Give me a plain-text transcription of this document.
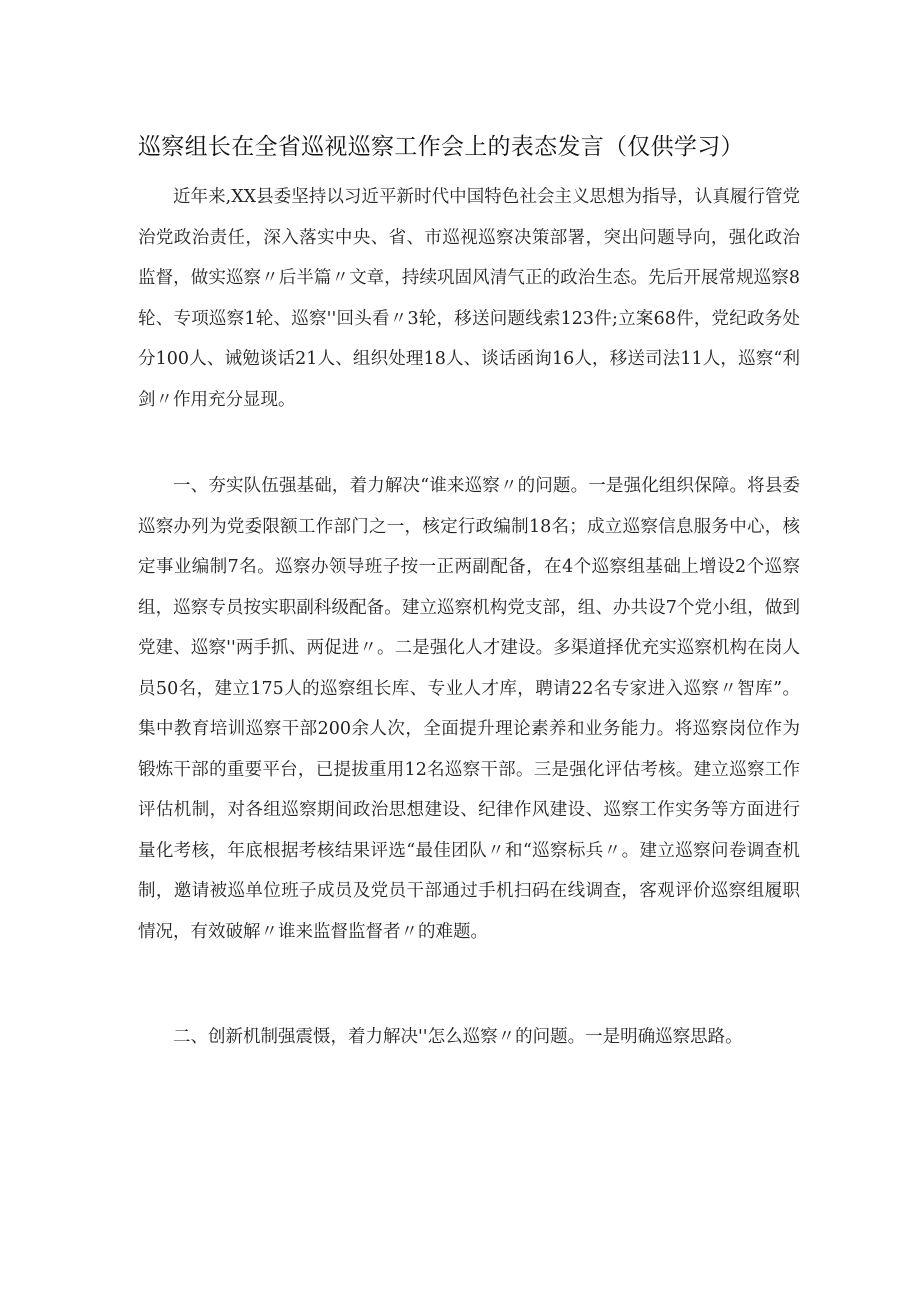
巡察组长在全省巡视巡察工作会上的表态发言（仅供学习）

近年来,XX县委坚持以习近平新时代中国特色社会主义思想为指导，认真履行管党治党政治责任，深入落实中央、省、市巡视巡察决策部署，突出问题导向，强化政治监督，做实巡察〃后半篇〃文章，持续巩固风清气正的政治生态。先后开展常规巡察8轮、专项巡察1轮、巡察''回头看〃3轮，移送问题线索123件;立案68件，党纪政务处分100人、诫勉谈话21人、组织处理18人、谈话函询16人，移送司法11人，巡察“利剑〃作用充分显现。

一、夯实队伍强基础，着力解决“谁来巡察〃的问题。一是强化组织保障。将县委巡察办列为党委限额工作部门之一，核定行政编制18名；成立巡察信息服务中心，核定事业编制7名。巡察办领导班子按一正两副配备，在4个巡察组基础上增设2个巡察组，巡察专员按实职副科级配备。建立巡察机构党支部，组、办共设7个党小组，做到党建、巡察''两手抓、两促进〃。二是强化人才建设。多渠道择优充实巡察机构在岗人员50名，建立175人的巡察组长库、专业人才库，聘请22名专家进入巡察〃智库”。集中教育培训巡察干部200余人次，全面提升理论素养和业务能力。将巡察岗位作为锻炼干部的重要平台，已提拔重用12名巡察干部。三是强化评估考核。建立巡察工作评估机制，对各组巡察期间政治思想建设、纪律作风建设、巡察工作实务等方面进行量化考核，年底根据考核结果评选“最佳团队〃和“巡察标兵〃。建立巡察问卷调查机制，邀请被巡单位班子成员及党员干部通过手机扫码在线调查，客观评价巡察组履职情况，有效破解〃谁来监督监督者〃的难题。

二、创新机制强震慑，着力解决''怎么巡察〃的问题。一是明确巡察思路。
